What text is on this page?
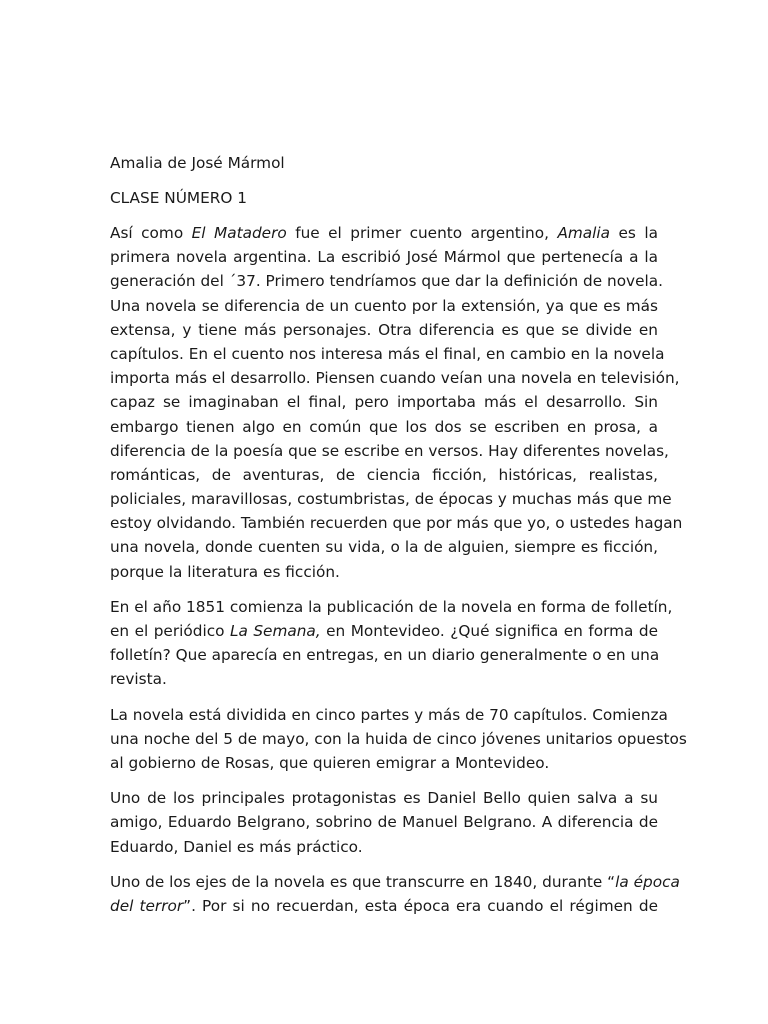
Amalia de José Mármol
CLASE NÚMERO 1
Así como El Matadero fue el primer cuento argentino, Amalia es la
primera novela argentina. La escribió José Mármol que pertenecía a la
generación del ´37. Primero tendríamos que dar la definición de novela.
Una novela se diferencia de un cuento por la extensión, ya que es más
extensa, y tiene más personajes. Otra diferencia es que se divide en
capítulos. En el cuento nos interesa más el final, en cambio en la novela
importa más el desarrollo. Piensen cuando veían una novela en televisión,
capaz se imaginaban el final, pero importaba más el desarrollo. Sin
embargo tienen algo en común que los dos se escriben en prosa, a
diferencia de la poesía que se escribe en versos. Hay diferentes novelas,
románticas, de aventuras, de ciencia ficción, históricas, realistas,
policiales, maravillosas, costumbristas, de épocas y muchas más que me
estoy olvidando. También recuerden que por más que yo, o ustedes hagan
una novela, donde cuenten su vida, o la de alguien, siempre es ficción,
porque la literatura es ficción.
En el año 1851 comienza la publicación de la novela en forma de folletín,
en el periódico La Semana, en Montevideo. ¿Qué significa en forma de
folletín? Que aparecía en entregas, en un diario generalmente o en una
revista.
La novela está dividida en cinco partes y más de 70 capítulos. Comienza
una noche del 5 de mayo, con la huida de cinco jóvenes unitarios opuestos
al gobierno de Rosas, que quieren emigrar a Montevideo.
Uno de los principales protagonistas es Daniel Bello quien salva a su
amigo, Eduardo Belgrano, sobrino de Manuel Belgrano. A diferencia de
Eduardo, Daniel es más práctico.
Uno de los ejes de la novela es que transcurre en 1840, durante “la época
del terror”. Por si no recuerdan, esta época era cuando el régimen de
